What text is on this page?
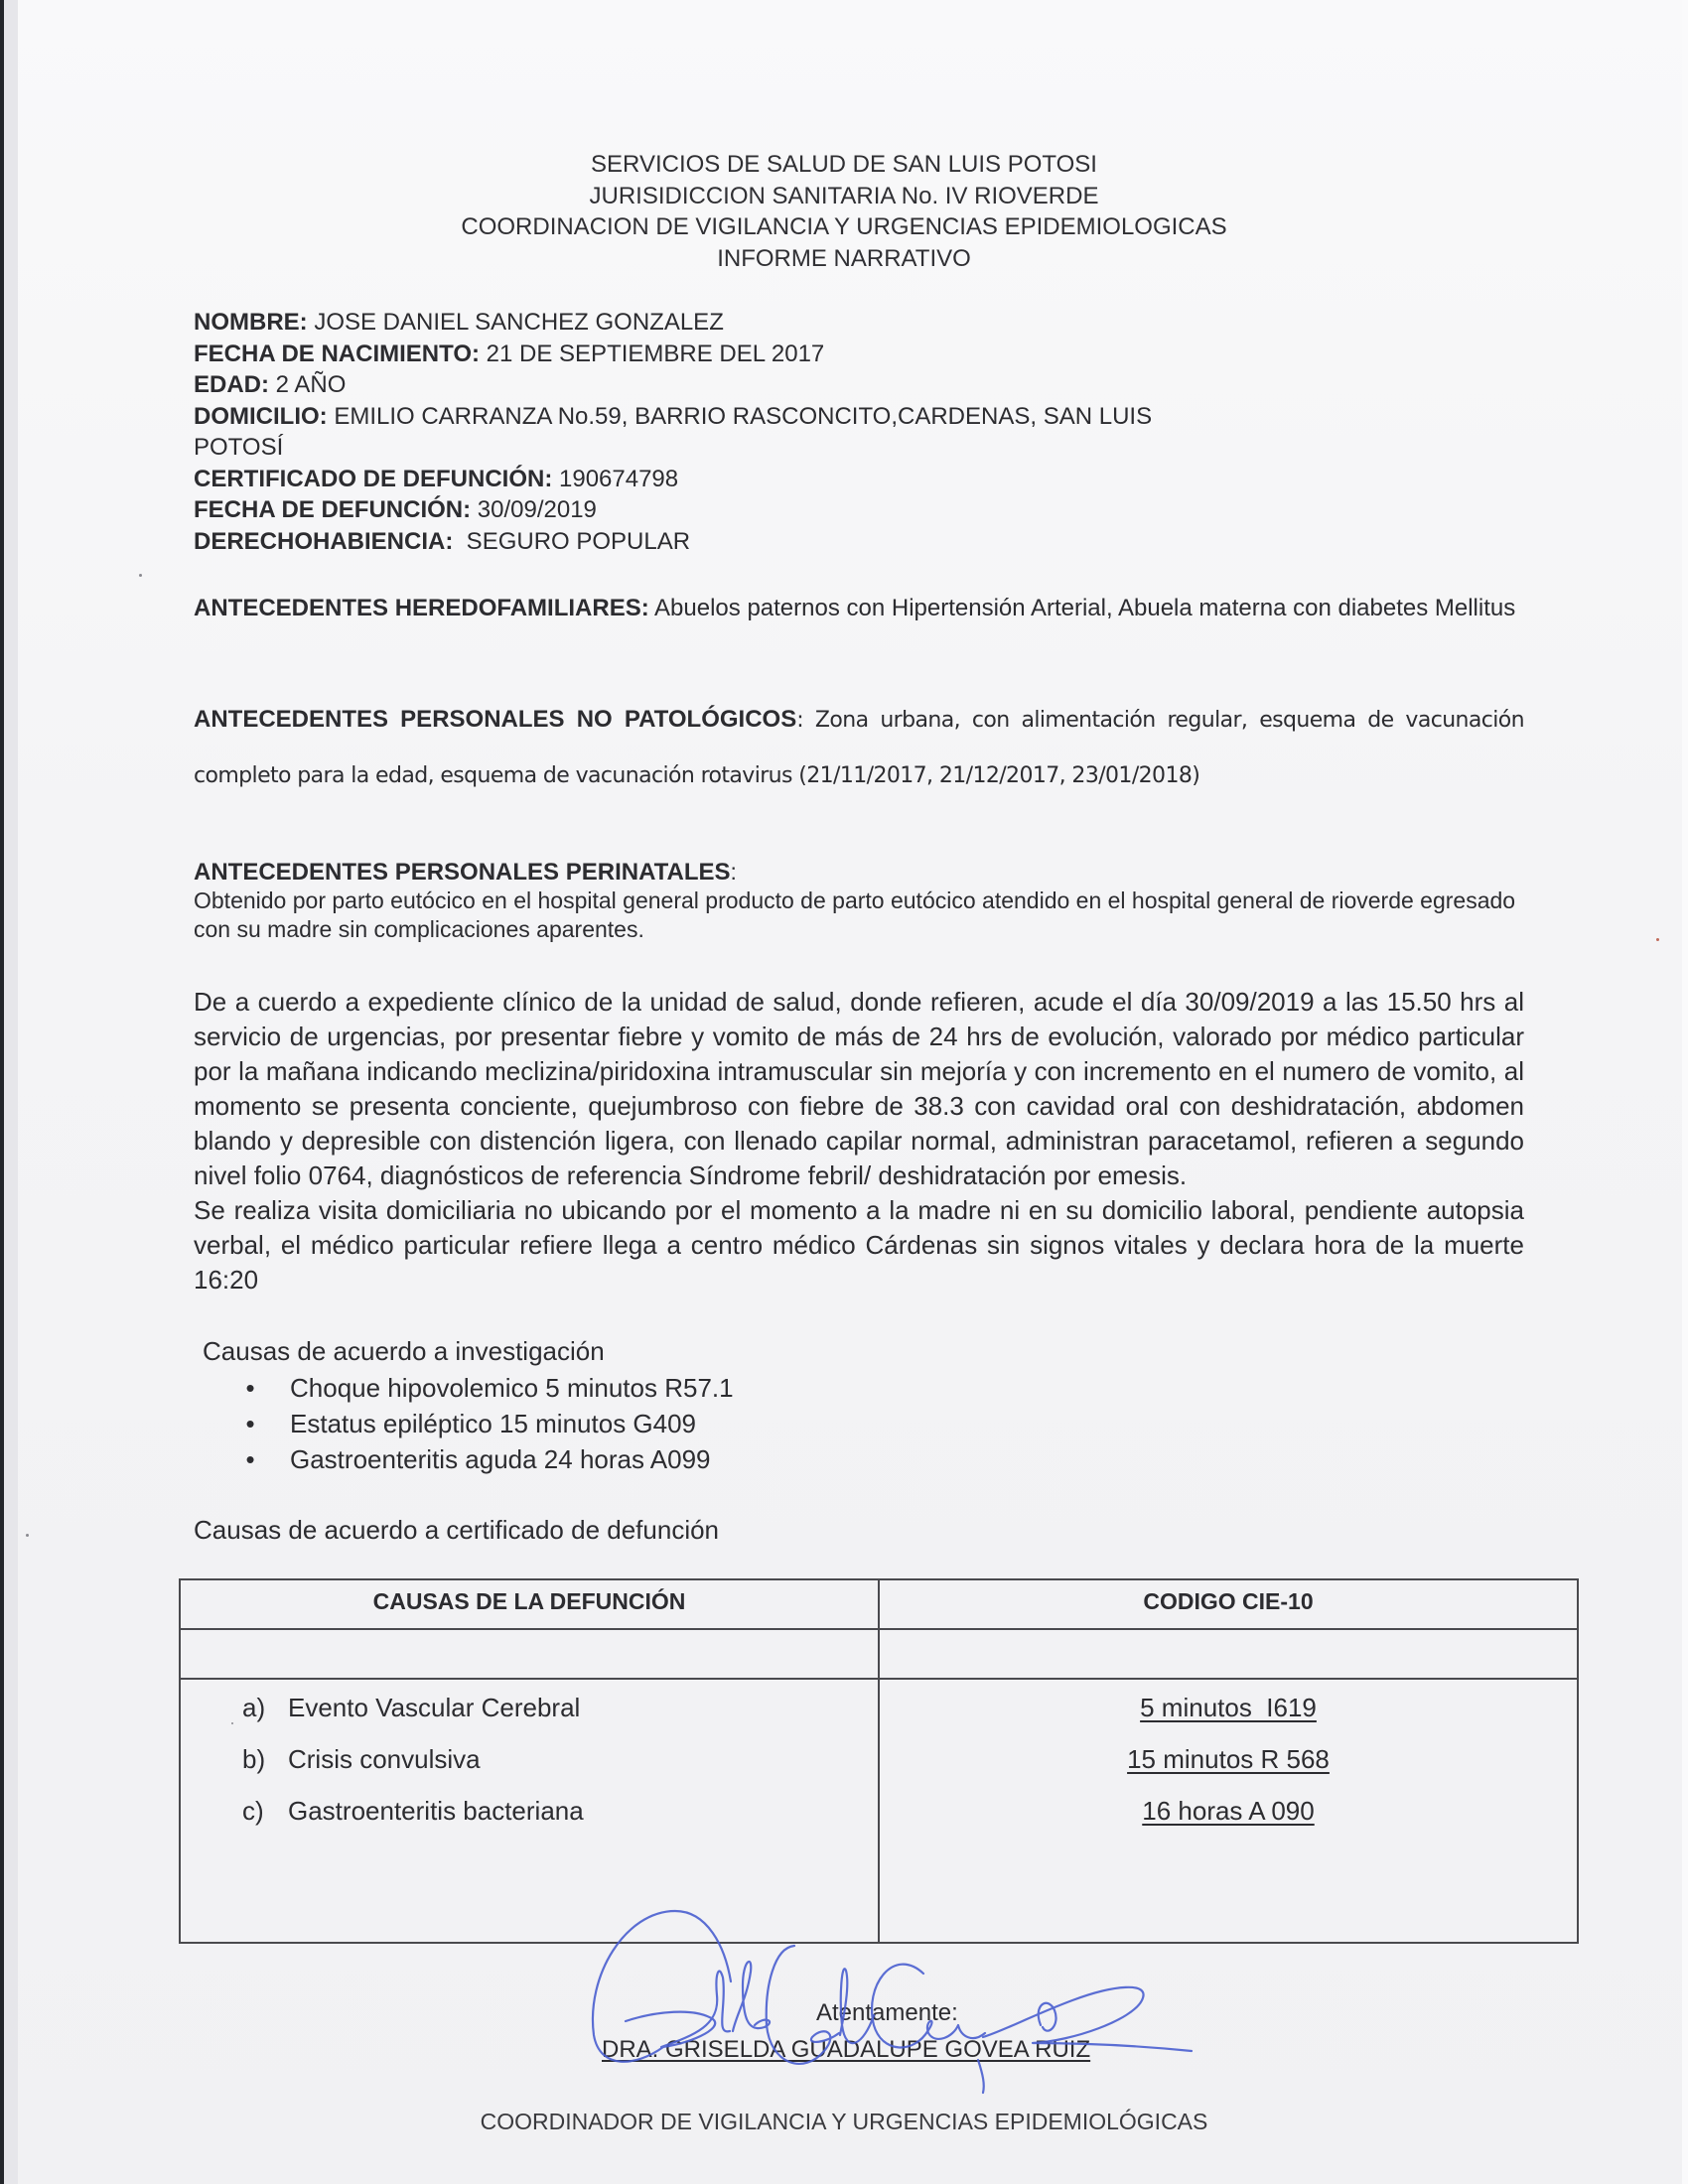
SERVICIOS DE SALUD DE SAN LUIS POTOSI
JURISIDICCION SANITARIA No. IV RIOVERDE
COORDINACION DE VIGILANCIA Y URGENCIAS EPIDEMIOLOGICAS
INFORME NARRATIVO
NOMBRE: JOSE DANIEL SANCHEZ GONZALEZ
FECHA DE NACIMIENTO: 21 DE SEPTIEMBRE DEL 2017
EDAD: 2 AÑO
DOMICILIO: EMILIO CARRANZA No.59, BARRIO RASCONCITO,CARDENAS, SAN LUIS
POTOSÍ
CERTIFICADO DE DEFUNCIÓN: 190674798
FECHA DE DEFUNCIÓN: 30/09/2019
DERECHOHABIENCIA:  SEGURO POPULAR
ANTECEDENTES HEREDOFAMILIARES: Abuelos paternos con Hipertensión Arterial, Abuela materna con diabetes Mellitus
ANTECEDENTES PERSONALES NO PATOLÓGICOS: Zona urbana, con alimentación regular, esquema de vacunación completo para la edad, esquema de vacunación rotavirus (21/11/2017, 21/12/2017, 23/01/2018)
ANTECEDENTES PERSONALES PERINATALES:
Obtenido por parto eutócico en el hospital general producto de parto eutócico atendido en el hospital general de rioverde egresado con su madre sin complicaciones aparentes.
De a cuerdo a expediente clínico de la unidad de salud, donde refieren, acude el día 30/09/2019 a las 15.50 hrs al servicio de urgencias, por presentar fiebre y vomito de más de 24 hrs de evolución, valorado por médico particular por la mañana indicando meclizina/piridoxina intramuscular sin mejoría y con incremento en el numero de vomito, al momento se presenta conciente, quejumbroso con fiebre de 38.3 con cavidad oral con deshidratación, abdomen blando y depresible con distención ligera, con llenado capilar normal, administran paracetamol, refieren a segundo nivel folio 0764, diagnósticos de referencia Síndrome febril/ deshidratación por emesis.
Se realiza visita domiciliaria no ubicando por el momento a la madre ni en su domicilio laboral, pendiente autopsia verbal, el médico particular refiere llega a centro médico Cárdenas sin signos vitales y declara hora de la muerte 16:20
Causas de acuerdo a investigación
• Choque hipovolemico 5 minutos R57.1
• Estatus epiléptico 15 minutos G409
• Gastroenteritis aguda 24 horas A099
Causas de acuerdo a certificado de defunción
CAUSAS DE LA DEFUNCIÓN	CODIGO CIE-10
a) Evento Vascular Cerebral
b) Crisis convulsiva
c) Gastroenteritis bacteriana
5 minutos  I619
15 minutos R 568
16 horas A 090
Atentamente:
DRA. GRISELDA GUADALUPE GOVEA RUIZ
COORDINADOR DE VIGILANCIA Y URGENCIAS EPIDEMIOLÓGICAS
